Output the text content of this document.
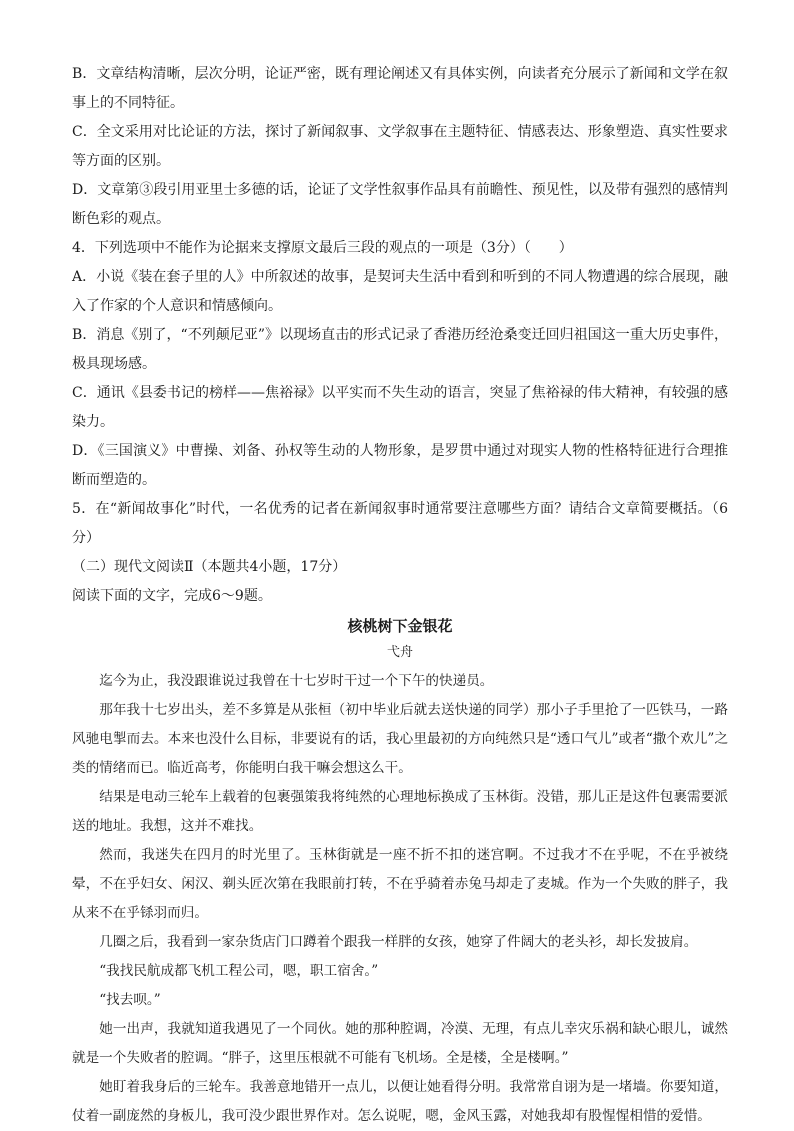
B．文章结构清晰，层次分明，论证严密，既有理论阐述又有具体实例，向读者充分展示了新闻和文学在叙事上的不同特征。

C．全文采用对比论证的方法，探讨了新闻叙事、文学叙事在主题特征、情感表达、形象塑造、真实性要求等方面的区别。

D．文章第③段引用亚里士多德的话，论证了文学性叙事作品具有前瞻性、预见性，以及带有强烈的感情判断色彩的观点。

4．下列选项中不能作为论据来支撑原文最后三段的观点的一项是（3分）（　　）

A．小说《装在套子里的人》中所叙述的故事，是契诃夫生活中看到和听到的不同人物遭遇的综合展现，融入了作家的个人意识和情感倾向。

B．消息《别了，“不列颠尼亚”》以现场直击的形式记录了香港历经沧桑变迁回归祖国这一重大历史事件，极具现场感。

C．通讯《县委书记的榜样——焦裕禄》以平实而不失生动的语言，突显了焦裕禄的伟大精神，有较强的感染力。

D．《三国演义》中曹操、刘备、孙权等生动的人物形象，是罗贯中通过对现实人物的性格特征进行合理推断而塑造的。

5．在“新闻故事化”时代，一名优秀的记者在新闻叙事时通常要注意哪些方面？请结合文章简要概括。（6分）

（二）现代文阅读Ⅱ（本题共4小题，17分）

阅读下面的文字，完成6～9题。

核桃树下金银花

弋舟

迄今为止，我没跟谁说过我曾在十七岁时干过一个下午的快递员。

那年我十七岁出头，差不多算是从张桓（初中毕业后就去送快递的同学）那小子手里抢了一匹铁马，一路风驰电掣而去。本来也没什么目标，非要说有的话，我心里最初的方向纯然只是“透口气儿”或者“撒个欢儿”之类的情绪而已。临近高考，你能明白我干嘛会想这么干。

结果是电动三轮车上载着的包裹强策我将纯然的心理地标换成了玉林街。没错，那儿正是这件包裹需要派送的地址。我想，这并不难找。

然而，我迷失在四月的时光里了。玉林街就是一座不折不扣的迷宫啊。不过我才不在乎呢，不在乎被绕晕，不在乎妇女、闲汉、剃头匠次第在我眼前打转，不在乎骑着赤兔马却走了麦城。作为一个失败的胖子，我从来不在乎铩羽而归。

几圈之后，我看到一家杂货店门口蹲着个跟我一样胖的女孩，她穿了件阔大的老头衫，却长发披肩。

“我找民航成都飞机工程公司，嗯，职工宿舍。”

“找去呗。”

她一出声，我就知道我遇见了一个同伙。她的那种腔调，冷漠、无理，有点儿幸灾乐祸和缺心眼儿，诚然就是一个失败者的腔调。“胖子，这里压根就不可能有飞机场。全是楼，全是楼啊。”

她盯着我身后的三轮车。我善意地错开一点儿，以便让她看得分明。我常常自诩为是一堵墙。你要知道，仗着一副庞然的身板儿，我可没少跟世界作对。怎么说呢，嗯，金风玉露，对她我却有股惺惺相惜的爱惜。
